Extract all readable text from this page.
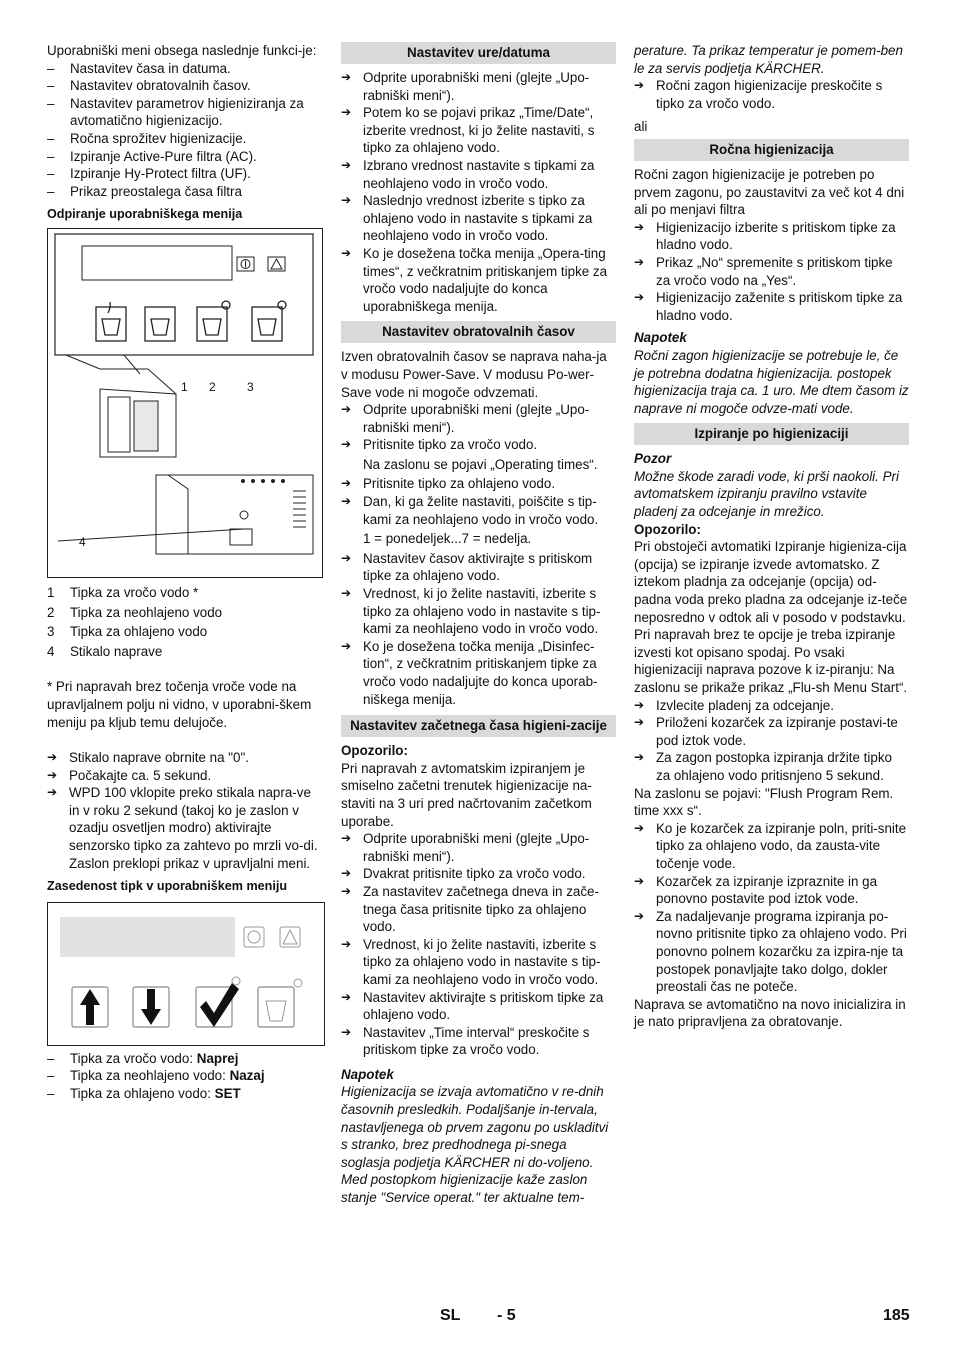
Uporabniški meni obsega naslednje funkci-je:

– Nastavitev časa in datuma.
– Nastavitev obratovalnih časov.
– Nastavitev parametrov higieniziranja za avtomatično higienizacijo.
– Ročna sprožitev higienizacije.
– Izpiranje Active-Pure filtra (AC).
– Izpiranje Hy-Protect filtra (UF).
– Prikaz preostalega časa filtra

Odpiranje uporabniškega menija

1 2	3
4
1 Tipka za vročo vodo *
2 Tipka za neohlajeno vodo
3 Tipka za ohlajeno vodo
4 Stikalo naprave

* Pri napravah brez točenja vroče vode na upravljalnem polju ni vidno, v uporabni-škem meniju pa kljub temu delujoče.

➔ Stikalo naprave obrnite na "0".
➔ Počakajte ca. 5 sekund.
➔ WPD 100 vklopite preko stikala napra-ve in v roku 2 sekund (takoj ko je zaslon v ozadju osvetljen modro) aktivirajte senzorsko tipko za zahtevo po mrzli vo-di. Zaslon preklopi prikaz v upravljalni meni.

Zasedenost tipk v uporabniškem meniju

– Tipka za vročo vodo: Naprej
– Tipka za neohlajeno vodo: Nazaj
– Tipka za ohlajeno vodo: SET
Nastavitev ure/datuma
➔ Odprite uporabniški meni (glejte „Upo-rabniški meni“).
➔ Potem ko se pojavi prikaz „Time/Date“, izberite vrednost, ki jo želite nastaviti, s tipko za ohlajeno vodo.
➔ Izbrano vrednost nastavite s tipkami za neohlajeno vodo in vročo vodo.
➔ Naslednjo vrednost izberite s tipko za ohlajeno vodo in nastavite s tipkami za neohlajeno vodo in vročo vodo.
➔ Ko je dosežena točka menija „Opera-ting times“, z večkratnim pritiskanjem tipke za vročo vodo nadaljujte do konca uporabniškega menija.
Nastavitev obratovalnih časov

Izven obratovalnih časov se naprava naha-ja v modusu Power-Save. V modusu Po-wer-Save vode ni mogoče odvzemati.

➔ Odprite uporabniški meni (glejte „Upo-rabniški meni“).
➔ Pritisnite tipko za vročo vodo.

Na zaslonu se pojavi „Operating times“.

➔ Pritisnite tipko za ohlajeno vodo.
➔ Dan, ki ga želite nastaviti, poiščite s tip-kami za neohlajeno vodo in vročo vodo.

1 = ponedeljek...7 = nedelja.

➔ Nastavitev časov aktivirajte s pritiskom tipke za ohlajeno vodo.
➔ Vrednost, ki jo želite nastaviti, izberite s tipko za ohlajeno vodo in nastavite s tip-kami za neohlajeno vodo in vročo vodo.
➔ Ko je dosežena točka menija „Disinfec-tion“, z večkratnim pritiskanjem tipke za vročo vodo nadaljujte do konca uporab-niškega menija.
Nastavitev začetnega časa higieni-zacije

Opozorilo:

Pri napravah z avtomatskim izpiranjem je smiselno začetni trenutek higienizacije na-staviti na 3 uri pred načrtovanim začetkom uporabe.

➔ Odprite uporabniški meni (glejte „Upo-rabniški meni“).
➔ Dvakrat pritisnite tipko za vročo vodo.
➔ Za nastavitev začetnega dneva in zače-tnega časa pritisnite tipko za ohlajeno vodo.
➔ Vrednost, ki jo želite nastaviti, izberite s tipko za ohlajeno vodo in nastavite s tip-kami za neohlajeno vodo in vročo vodo.
➔ Nastavitev aktivirajte s pritiskom tipke za ohlajeno vodo.
➔ Nastavitev „Time interval“ preskočite s pritiskom tipke za vročo vodo.

Napotek

Higienizacija se izvaja avtomatično v re-dnih časovnih presledkih. Podaljšanje in-tervala, nastavljenega ob prvem zagonu po uskladitvi s stranko, brez predhodnega pi-snega soglasja podjetja KÄRCHER ni do-voljeno.

Med postopkom higienizacije kaže zaslon stanje "Service operat." ter aktualne tem-

perature. Ta prikaz temperatur je pomem-ben le za servis podjetja KÄRCHER.

➔ Ročni zagon higienizacije preskočite s tipko za vročo vodo.

ali

Ročna higienizacija

Ročni zagon higienizacije je potreben po prvem zagonu, po zaustavitvi za več kot 4 dni ali po menjavi filtra

➔ Higienizacijo izberite s pritiskom tipke za hladno vodo.
➔ Prikaz „No“ spremenite s pritiskom tipke za vročo vodo na „Yes“.
➔ Higienizacijo zaženite s pritiskom tipke za hladno vodo.

Napotek

Ročni zagon higienizacije se potrebuje le, če je potrebna dodatna higienizacija. postopek higienizacija traja ca. 1 uro. Me dtem časom iz naprave ni mogoče odvze-mati vode.

Izpiranje po higienizaciji

Pozor

Možne škode zaradi vode, ki prši naokoli. Pri avtomatskem izpiranju pravilno vstavite pladenj za odcejanje in mrežico.

Opozorilo:

Pri obstoječi avtomatiki Izpiranje higieniza-cija (opcija) se izpiranje izvede avtomatsko. Z iztekom pladnja za odcejanje (opcija) od-padna voda preko pladna za odcejanje iz-teče neposredno v odtok ali v posodo v podstavku. Pri napravah brez te opcije je treba izpiranje izvesti kot opisano spodaj. Po vsaki higienizaciji naprava pozove k iz-piranju: Na zaslonu se prikaže prikaz „Flu-sh Menu Start“.

➔ Izvlecite pladenj za odcejanje.
➔ Priloženi kozarček za izpiranje postavi-te pod iztok vode.
➔ Za zagon postopka izpiranja držite tipko za ohlajeno vodo pritisnjeno 5 sekund.

Na zaslonu se pojavi: "Flush Program Rem. time xxx s“.

➔ Ko je kozarček za izpiranje poln, priti-snite tipko za ohlajeno vodo, da zausta-vite točenje vode.
➔ Kozarček za izpiranje izpraznite in ga ponovno postavite pod iztok vode.
➔ Za nadaljevanje programa izpiranja po-novno pritisnite tipko za ohlajeno vodo. Pri ponovno polnem kozarčku za izpira-nje ta postopek ponavljajte tako dolgo, dokler preostali čas ne poteče.

Naprava se avtomatično na novo inicializira in je nato pripravljena za obratovanje.

SL - 5	185
